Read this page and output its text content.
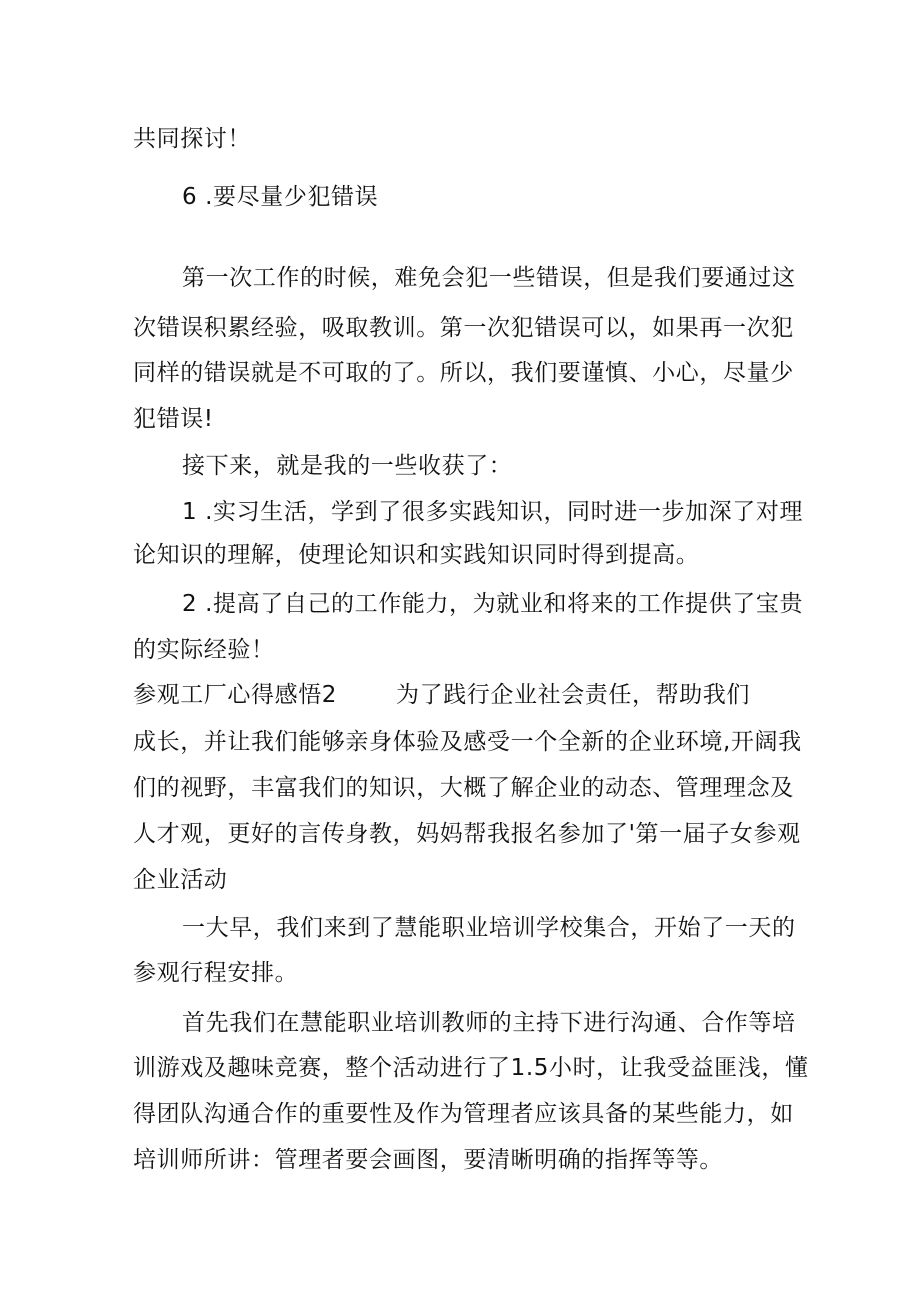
共同探讨！
6 .要尽量少犯错误
第一次工作的时候，难免会犯一些错误，但是我们要通过这
次错误积累经验，吸取教训。第一次犯错误可以，如果再一次犯
同样的错误就是不可取的了。所以，我们要谨慎、小心，尽量少
犯错误!
接下来，就是我的一些收获了：
1 .实习生活，学到了很多实践知识，同时进一步加深了对理
论知识的理解，使理论知识和实践知识同时得到提高。
2 .提高了自己的工作能力，为就业和将来的工作提供了宝贵
的实际经验！
参观工厂心得感悟2	为了践行企业社会责任，帮助我们
成长，并让我们能够亲身体验及感受一个全新的企业环境,开阔我
们的视野，丰富我们的知识，大概了解企业的动态、管理理念及
人才观，更好的言传身教，妈妈帮我报名参加了'第一届子女参观
企业活动
一大早，我们来到了慧能职业培训学校集合，开始了一天的
参观行程安排。
首先我们在慧能职业培训教师的主持下进行沟通、合作等培
训游戏及趣味竞赛，整个活动进行了1.5小时，让我受益匪浅，懂
得团队沟通合作的重要性及作为管理者应该具备的某些能力，如
培训师所讲：管理者要会画图，要清晰明确的指挥等等。
